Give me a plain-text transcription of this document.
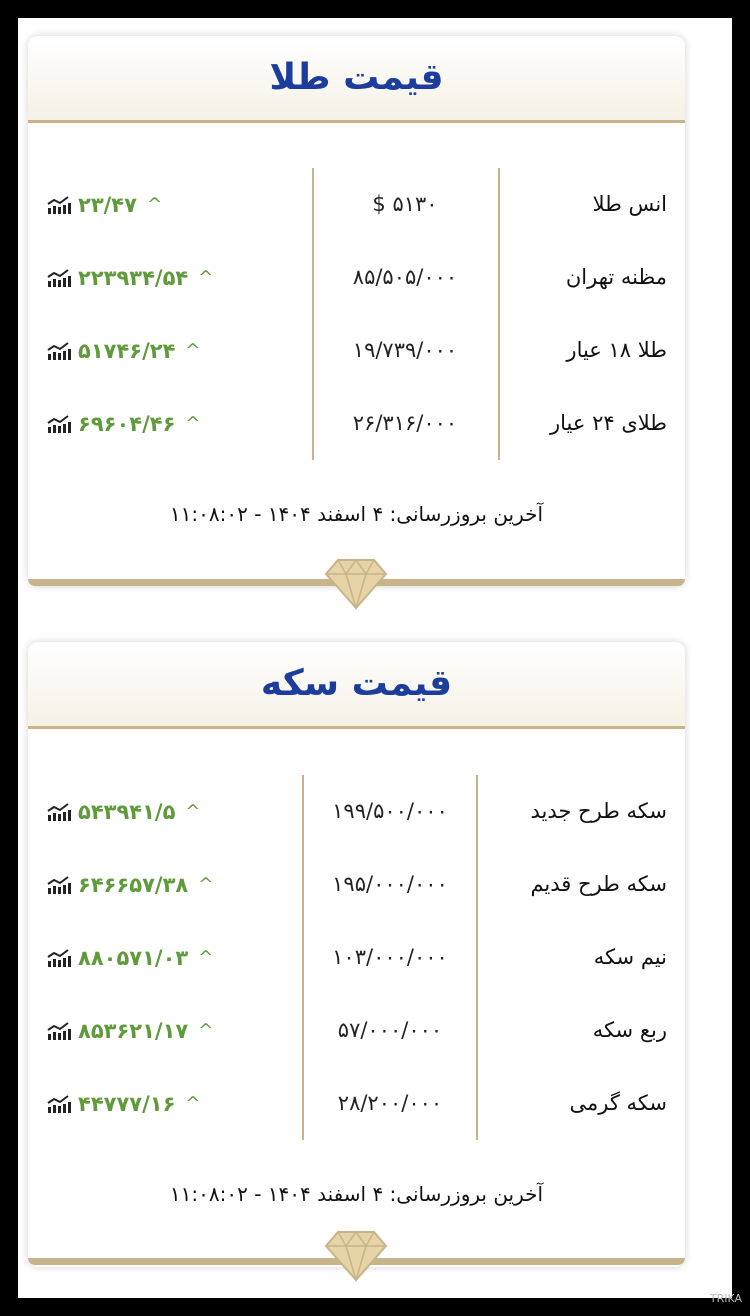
قیمت طلا
انس طلا
$ ۵۱۳۰
۲۳/۴۷ ^
مظنه تهران
۸۵/۵۰۵/۰۰۰
۲۲۳۹۳۴/۵۴ ^
طلا ۱۸ عیار
۱۹/۷۳۹/۰۰۰
۵۱۷۴۶/۲۴ ^
طلای ۲۴ عیار
۲۶/۳۱۶/۰۰۰
۶۹۶۰۴/۴۶ ^
آخرین بروزرسانی: ۴ اسفند ۱۴۰۴ - ۱۱:۰۸:۰۲
قیمت سکه
سکه طرح جدید
۱۹۹/۵۰۰/۰۰۰
۵۴۳۹۴۱/۵ ^
سکه طرح قدیم
۱۹۵/۰۰۰/۰۰۰
۶۴۶۶۵۷/۳۸ ^
نیم سکه
۱۰۳/۰۰۰/۰۰۰
۸۸۰۵۷۱/۰۳ ^
ربع سکه
۵۷/۰۰۰/۰۰۰
۸۵۳۶۲۱/۱۷ ^
سکه گرمی
۲۸/۲۰۰/۰۰۰
۴۴۷۷۷/۱۶ ^
آخرین بروزرسانی: ۴ اسفند ۱۴۰۴ - ۱۱:۰۸:۰۲
TRIKA
